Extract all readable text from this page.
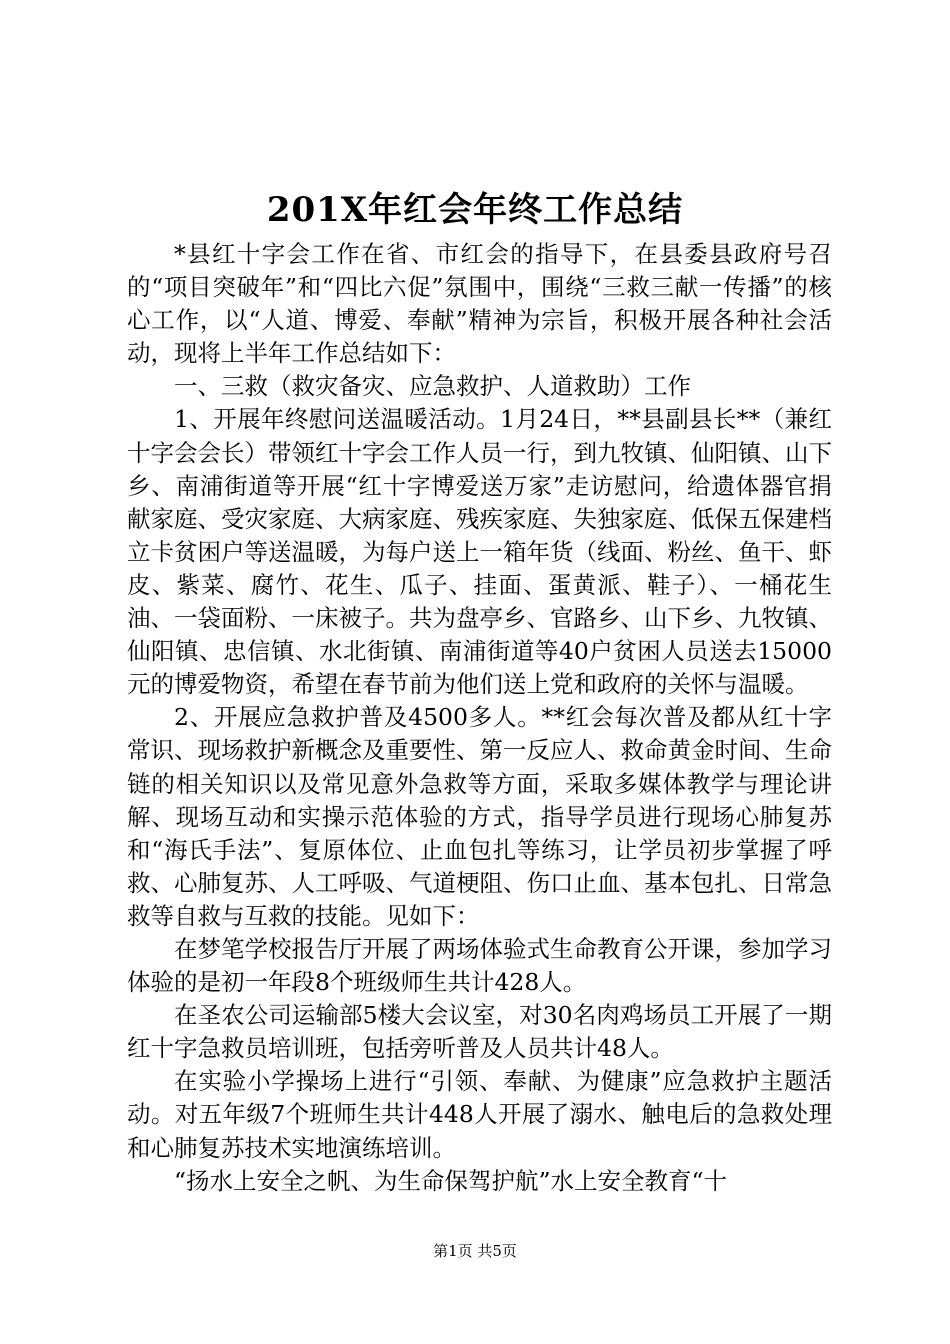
201X年红会年终工作总结

*县红十字会工作在省、市红会的指导下，在县委县政府号召的“项目突破年”和“四比六促”氛围中，围绕“三救三献一传播”的核心工作，以“人道、博爱、奉献”精神为宗旨，积极开展各种社会活动，现将上半年工作总结如下：

一、三救（救灾备灾、应急救护、人道救助）工作

1、开展年终慰问送温暖活动。1月24日，**县副县长**（兼红十字会会长）带领红十字会工作人员一行，到九牧镇、仙阳镇、山下乡、南浦街道等开展“红十字博爱送万家”走访慰问，给遗体器官捐献家庭、受灾家庭、大病家庭、残疾家庭、失独家庭、低保五保建档立卡贫困户等送温暖，为每户送上一箱年货（线面、粉丝、鱼干、虾皮、紫菜、腐竹、花生、瓜子、挂面、蛋黄派、鞋子）、一桶花生油、一袋面粉、一床被子。共为盘亭乡、官路乡、山下乡、九牧镇、仙阳镇、忠信镇、水北街镇、南浦街道等40户贫困人员送去15000元的博爱物资，希望在春节前为他们送上党和政府的关怀与温暖。

2、开展应急救护普及4500多人。**红会每次普及都从红十字常识、现场救护新概念及重要性、第一反应人、救命黄金时间、生命链的相关知识以及常见意外急救等方面，采取多媒体教学与理论讲解、现场互动和实操示范体验的方式，指导学员进行现场心肺复苏和“海氏手法”、复原体位、止血包扎等练习，让学员初步掌握了呼救、心肺复苏、人工呼吸、气道梗阻、伤口止血、基本包扎、日常急救等自救与互救的技能。见如下：

在梦笔学校报告厅开展了两场体验式生命教育公开课，参加学习体验的是初一年段8个班级师生共计428人。

在圣农公司运输部5楼大会议室，对30名肉鸡场员工开展了一期红十字急救员培训班，包括旁听普及人员共计48人。

在实验小学操场上进行“引领、奉献、为健康”应急救护主题活动。对五年级7个班师生共计448人开展了溺水、触电后的急救处理和心肺复苏技术实地演练培训。

“扬水上安全之帆、为生命保驾护航”水上安全教育“十

第1页 共5页
